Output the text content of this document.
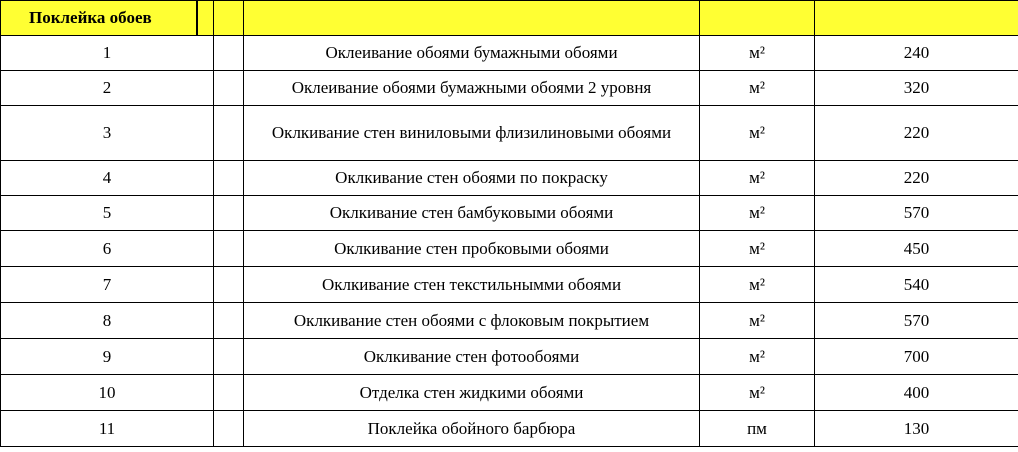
Поклейка обоев					
1			Оклеивание обоями бумажными обоями	м²	240
2			Оклеивание обоями бумажными обоями 2 уровня	м²	320
3			Оклкивание стен виниловыми флизилиновыми обоями	м²	220
4			Оклкивание стен обоями по покраску	м²	220
5			Оклкивание стен бамбуковыми обоями	м²	570
6			Оклкивание стен пробковыми обоями	м²	450
7			Оклкивание стен текстильнымми обоями	м²	540
8			Оклкивание стен обоями с флоковым покрытием	м²	570
9			Оклкивание стен фотообоями	м²	700
10			Отделка стен жидкими обоями	м²	400
11			Поклейка обойного барбюра	пм	130
